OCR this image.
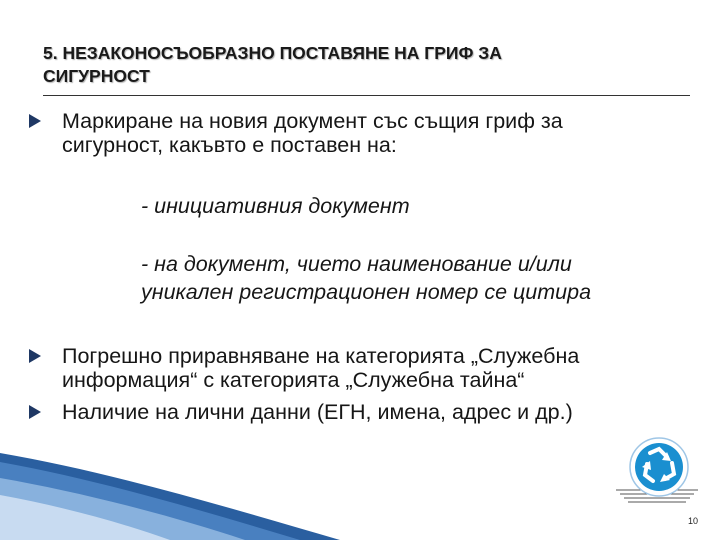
5. НЕЗАКОНОСЪОБРАЗНО ПОСТАВЯНЕ НА ГРИФ ЗА
СИГУРНОСТ
Маркиране на новия документ със същия гриф за
сигурност, какъвто е поставен на:
- инициативния документ
- на документ, чието наименование и/или
уникален регистрационен номер се цитира
Погрешно приравняване на категорията „Служебна
информация“ с категорията „Служебна тайна“
Наличие на лични данни (ЕГН, имена, адрес и др.)
10
